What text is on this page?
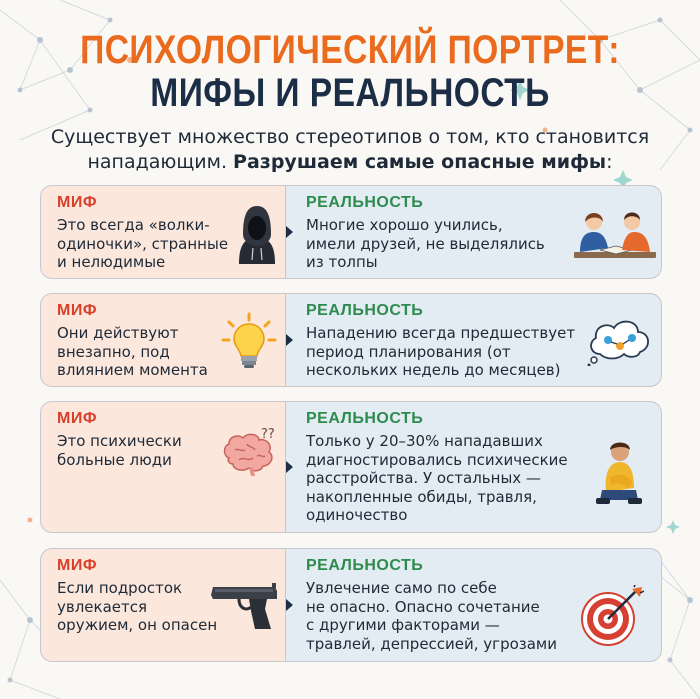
ПСИХОЛОГИЧЕСКИЙ ПОРТРЕТ:
МИФЫ И РЕАЛЬНОСТЬ
Существует множество стереотипов о том, кто становится
нападающим. Разрушаем самые опасные мифы:
МИФ
Это всегда «волки-
одиночки», странные
и нелюдимые
РЕАЛЬНОСТЬ
Многие хорошо учились,
имели друзей, не выделялись
из толпы
МИФ
Они действуют
внезапно, под
влиянием момента
РЕАЛЬНОСТЬ
Нападению всегда предшествует
период планирования (от
нескольких недель до месяцев)
МИФ
Это психически
больные люди
??
РЕАЛЬНОСТЬ
Только у 20–30% нападавших
диагностировались психические
расстройства. У остальных —
накопленные обиды, травля,
одиночество
МИФ
Если подросток
увлекается
оружием, он опасен
РЕАЛЬНОСТЬ
Увлечение само по себе
не опасно. Опасно сочетание
с другими факторами —
травлей, депрессией, угрозами
